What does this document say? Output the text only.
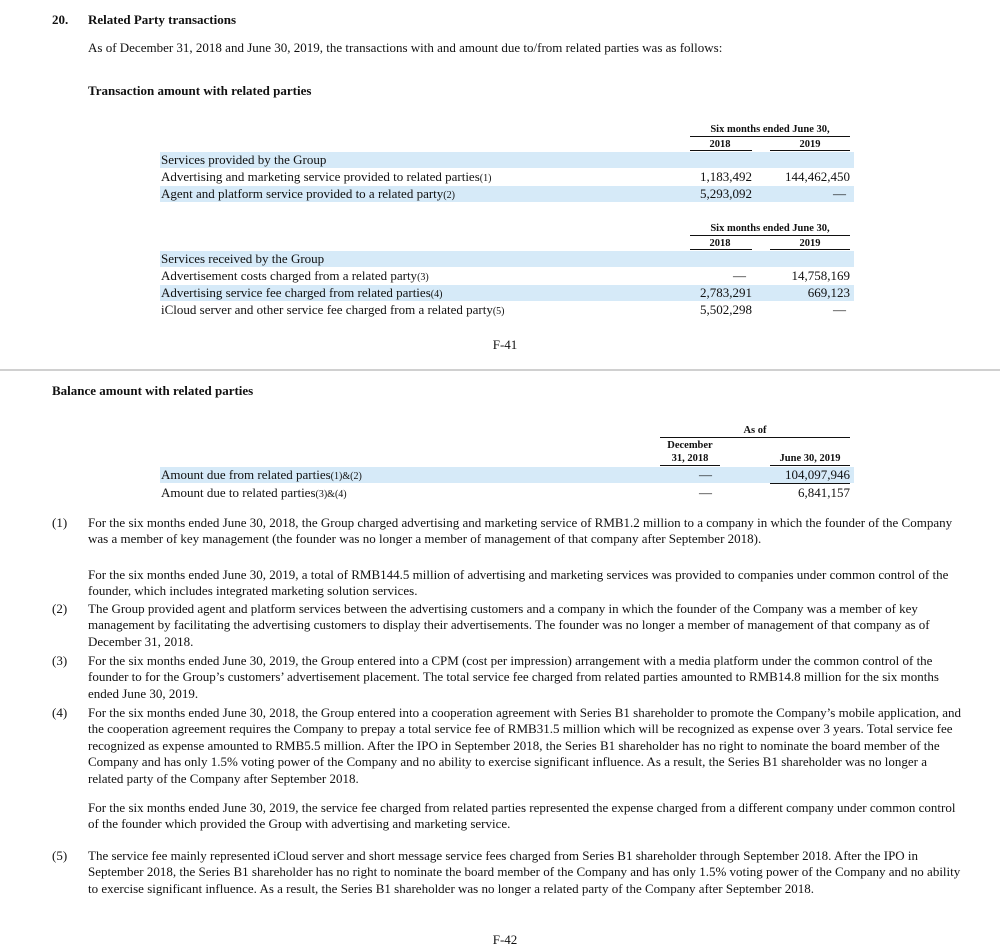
20. Related Party transactions
As of December 31, 2018 and June 30, 2019, the transactions with and amount due to/from related parties was as follows:
Transaction amount with related parties
Six months ended June 30,
2018	2019
Services provided by the Group
Advertising and marketing service provided to related parties(1)	1,183,492	144,462,450
Agent and platform service provided to a related party(2)	5,293,092	—
Six months ended June 30,
2018	2019
Services received by the Group
Advertisement costs charged from a related party(3)	—	14,758,169
Advertising service fee charged from related parties(4)	2,783,291	669,123
iCloud server and other service fee charged from a related party(5)	5,502,298	—
F-41
Balance amount with related parties
As of
December
31, 2018	June 30, 2019
Amount due from related parties(1)&(2)	—	104,097,946
Amount due to related parties(3)&(4)	—	6,841,157
(1) For the six months ended June 30, 2018, the Group charged advertising and marketing service of RMB1.2 million to a company in which the founder of the Company was a member of key management (the founder was no longer a member of management of that company after September 2018).
For the six months ended June 30, 2019, a total of RMB144.5 million of advertising and marketing services was provided to companies under common control of the founder, which includes integrated marketing solution services.
(2) The Group provided agent and platform services between the advertising customers and a company in which the founder of the Company was a member of key management by facilitating the advertising customers to display their advertisements. The founder was no longer a member of management of that company as of December 31, 2018.
(3) For the six months ended June 30, 2019, the Group entered into a CPM (cost per impression) arrangement with a media platform under the common control of the founder to for the Group’s customers’ advertisement placement. The total service fee charged from related parties amounted to RMB14.8 million for the six months ended June 30, 2019.
(4) For the six months ended June 30, 2018, the Group entered into a cooperation agreement with Series B1 shareholder to promote the Company’s mobile application, and the cooperation agreement requires the Company to prepay a total service fee of RMB31.5 million which will be recognized as expense over 3 years. Total service fee recognized as expense amounted to RMB5.5 million. After the IPO in September 2018, the Series B1 shareholder has no right to nominate the board member of the Company and has only 1.5% voting power of the Company and no ability to exercise significant influence. As a result, the Series B1 shareholder was no longer a related party of the Company after September 2018.
For the six months ended June 30, 2019, the service fee charged from related parties represented the expense charged from a different company under common control of the founder which provided the Group with advertising and marketing service.
(5) The service fee mainly represented iCloud server and short message service fees charged from Series B1 shareholder through September 2018. After the IPO in September 2018, the Series B1 shareholder has no right to nominate the board member of the Company and has only 1.5% voting power of the Company and no ability to exercise significant influence. As a result, the Series B1 shareholder was no longer a related party of the Company after September 2018.
F-42
